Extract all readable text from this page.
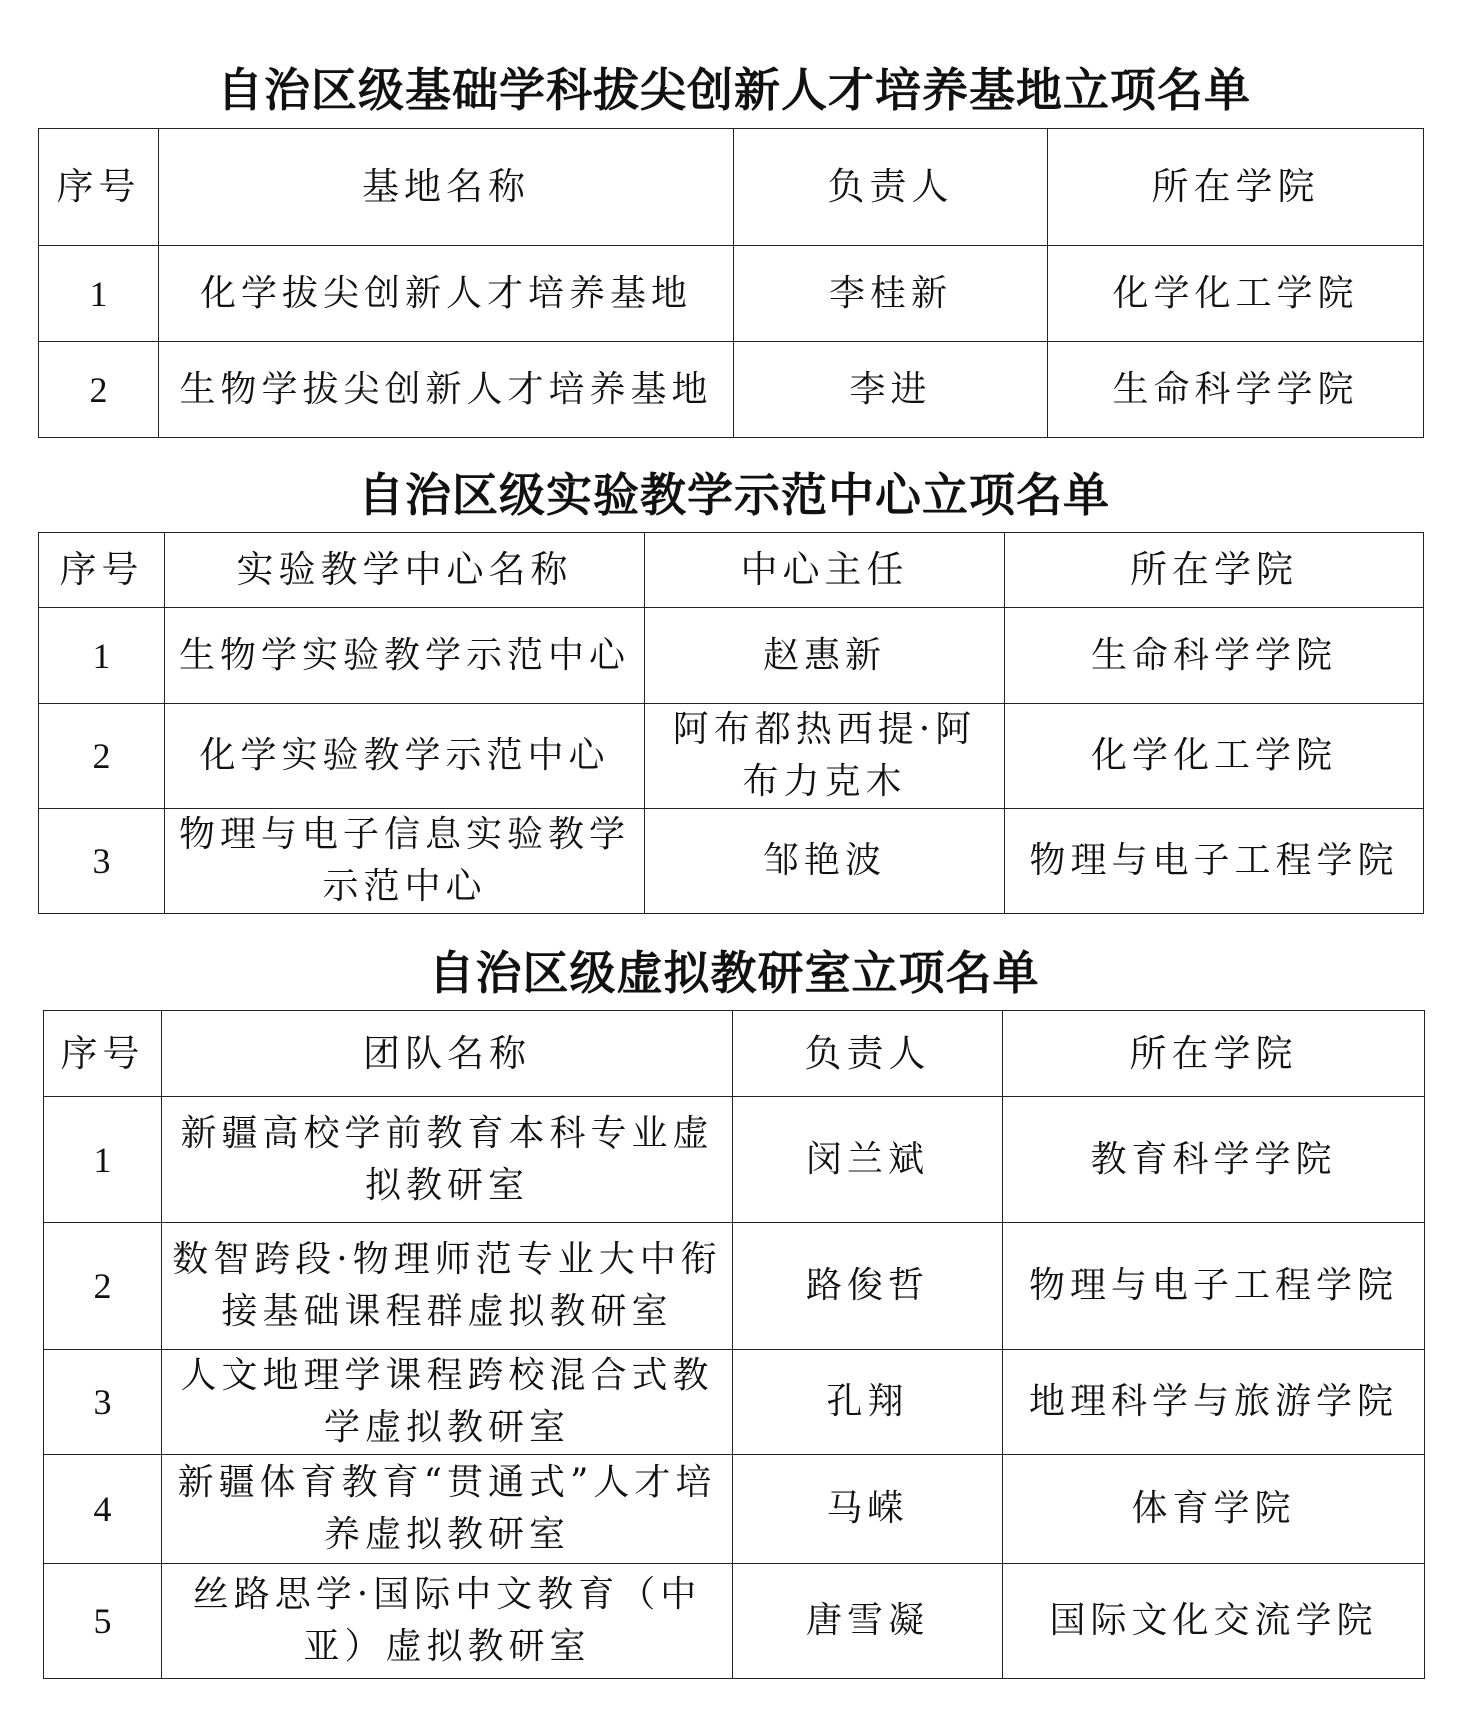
自治区级基础学科拔尖创新人才培养基地立项名单
序号	基地名称	负责人	所在学院
1	化学拔尖创新人才培养基地	李桂新	化学化工学院
2	生物学拔尖创新人才培养基地	李进	生命科学学院
自治区级实验教学示范中心立项名单
序号	实验教学中心名称	中心主任	所在学院
1	生物学实验教学示范中心	赵惠新	生命科学学院
2	化学实验教学示范中心	阿布都热西提·阿布力克木	化学化工学院
3	物理与电子信息实验教学示范中心	邹艳波	物理与电子工程学院
自治区级虚拟教研室立项名单
序号	团队名称	负责人	所在学院
1	新疆高校学前教育本科专业虚拟教研室	闵兰斌	教育科学学院
2	数智跨段·物理师范专业大中衔接基础课程群虚拟教研室	路俊哲	物理与电子工程学院
3	人文地理学课程跨校混合式教学虚拟教研室	孔翔	地理科学与旅游学院
4	新疆体育教育“贯通式”人才培养虚拟教研室	马嵘	体育学院
5	丝路思学·国际中文教育（中亚）虚拟教研室	唐雪凝	国际文化交流学院
